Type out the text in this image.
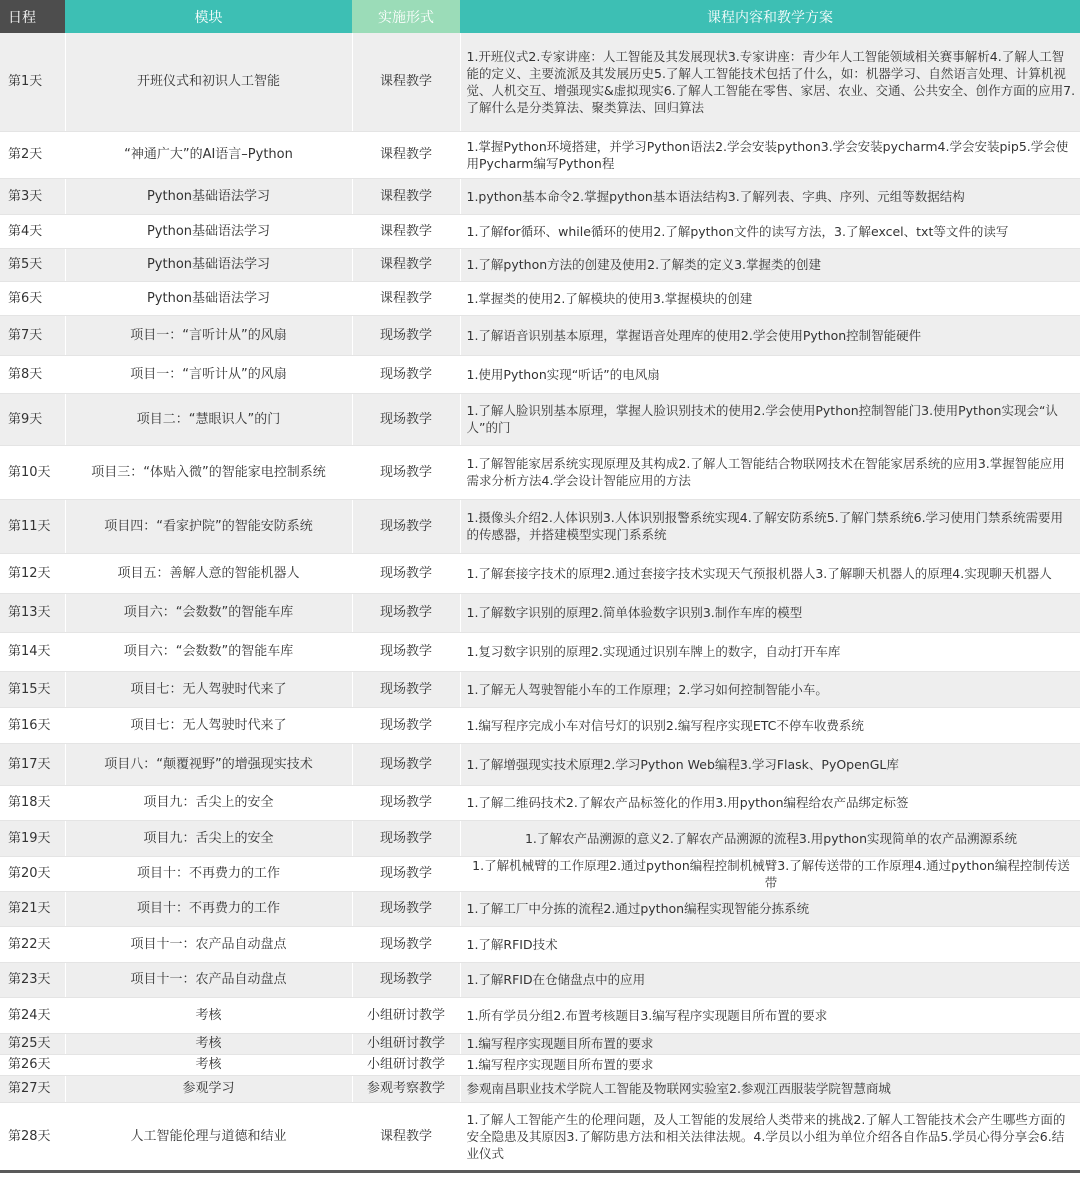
日程	模块	实施形式	课程内容和教学方案
第1天	开班仪式和初识人工智能	课程教学	1.开班仪式2.专家讲座：人工智能及其发展现状3.专家讲座：青少年人工智能领域相关赛事解析4.了解人工智能的定义、主要流派及其发展历史5.了解人工智能技术包括了什么，如：机器学习、自然语言处理、计算机视觉、人机交互、增强现实&虚拟现实6.了解人工智能在零售、家居、农业、交通、公共安全、创作方面的应用7.了解什么是分类算法、聚类算法、回归算法
第2天	“神通广大”的AI语言–Python	课程教学	1.掌握Python环境搭建，并学习Python语法2.学会安装python3.学会安装pycharm4.学会安装pip5.学会使用Pycharm编写Python程
第3天	Python基础语法学习	课程教学	1.python基本命令2.掌握python基本语法结构3.了解列表、字典、序列、元组等数据结构
第4天	Python基础语法学习	课程教学	1.了解for循环、while循环的使用2.了解python文件的读写方法，3.了解excel、txt等文件的读写
第5天	Python基础语法学习	课程教学	1.了解python方法的创建及使用2.了解类的定义3.掌握类的创建
第6天	Python基础语法学习	课程教学	1.掌握类的使用2.了解模块的使用3.掌握模块的创建
第7天	项目一：“言听计从”的风扇	现场教学	1.了解语音识别基本原理，掌握语音处理库的使用2.学会使用Python控制智能硬件
第8天	项目一：“言听计从”的风扇	现场教学	1.使用Python实现“听话”的电风扇
第9天	项目二：“慧眼识人”的门	现场教学	1.了解人脸识别基本原理，掌握人脸识别技术的使用2.学会使用Python控制智能门3.使用Python实现会“认人”的门
第10天	项目三：“体贴入微”的智能家电控制系统	现场教学	1.了解智能家居系统实现原理及其构成2.了解人工智能结合物联网技术在智能家居系统的应用3.掌握智能应用需求分析方法4.学会设计智能应用的方法
第11天	项目四：“看家护院”的智能安防系统	现场教学	1.摄像头介绍2.人体识别3.人体识别报警系统实现4.了解安防系统5.了解门禁系统6.学习使用门禁系统需要用的传感器，并搭建模型实现门系系统
第12天	项目五：善解人意的智能机器人	现场教学	1.了解套接字技术的原理2.通过套接字技术实现天气预报机器人3.了解聊天机器人的原理4.实现聊天机器人
第13天	项目六：“会数数”的智能车库	现场教学	1.了解数字识别的原理2.简单体验数字识别3.制作车库的模型
第14天	项目六：“会数数”的智能车库	现场教学	1.复习数字识别的原理2.实现通过识别车牌上的数字，自动打开车库
第15天	项目七：无人驾驶时代来了	现场教学	1.了解无人驾驶智能小车的工作原理；2.学习如何控制智能小车。
第16天	项目七：无人驾驶时代来了	现场教学	1.编写程序完成小车对信号灯的识别2.编写程序实现ETC不停车收费系统
第17天	项目八：“颠覆视野”的增强现实技术	现场教学	1.了解增强现实技术原理2.学习Python Web编程3.学习Flask、PyOpenGL库
第18天	项目九：舌尖上的安全	现场教学	1.了解二维码技术2.了解农产品标签化的作用3.用python编程给农产品绑定标签
第19天	项目九：舌尖上的安全	现场教学	1.了解农产品溯源的意义2.了解农产品溯源的流程3.用python实现简单的农产品溯源系统
第20天	项目十：不再费力的工作	现场教学	1.了解机械臂的工作原理2.通过python编程控制机械臂3.了解传送带的工作原理4.通过python编程控制传送带
第21天	项目十：不再费力的工作	现场教学	1.了解工厂中分拣的流程2.通过python编程实现智能分拣系统
第22天	项目十一：农产品自动盘点	现场教学	1.了解RFID技术
第23天	项目十一：农产品自动盘点	现场教学	1.了解RFID在仓储盘点中的应用
第24天	考核	小组研讨教学	1.所有学员分组2.布置考核题目3.编写程序实现题目所布置的要求
第25天	考核	小组研讨教学	1.编写程序实现题目所布置的要求
第26天	考核	小组研讨教学	1.编写程序实现题目所布置的要求
第27天	参观学习	参观考察教学	参观南昌职业技术学院人工智能及物联网实验室2.参观江西服装学院智慧商城
第28天	人工智能伦理与道德和结业	课程教学	1.了解人工智能产生的伦理问题，及人工智能的发展给人类带来的挑战2.了解人工智能技术会产生哪些方面的安全隐患及其原因3.了解防患方法和相关法律法规。4.学员以小组为单位介绍各自作品5.学员心得分享会6.结业仪式
